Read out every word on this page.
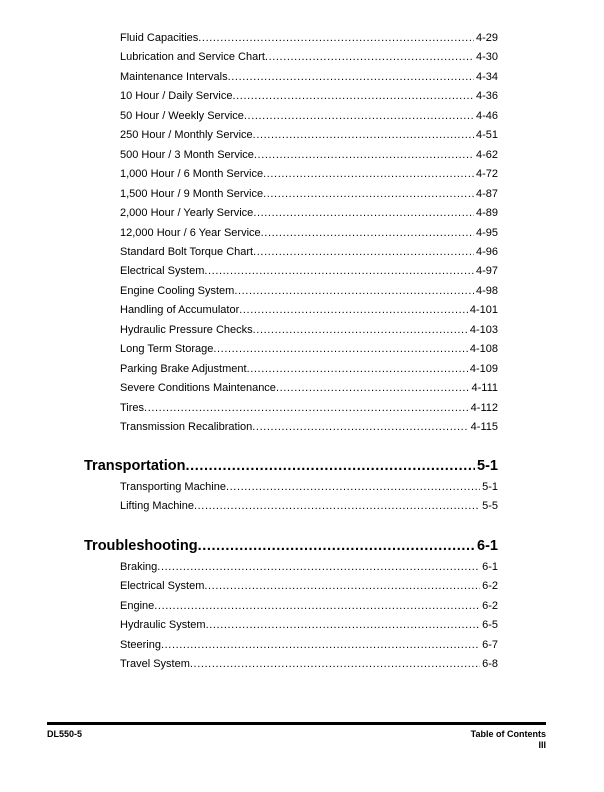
Fluid Capacities .....	4-29
Lubrication and Service Chart .....	4-30
Maintenance Intervals .....	4-34
10 Hour / Daily Service .....	4-36
50 Hour / Weekly Service .....	4-46
250 Hour / Monthly Service .....	4-51
500 Hour / 3 Month Service .....	4-62
1,000 Hour / 6 Month Service .....	4-72
1,500 Hour / 9 Month Service .....	4-87
2,000 Hour / Yearly Service .....	4-89
12,000 Hour / 6 Year Service .....	4-95
Standard Bolt Torque Chart .....	4-96
Electrical System .....	4-97
Engine Cooling System .....	4-98
Handling of Accumulator .....	4-101
Hydraulic Pressure Checks .....	4-103
Long Term Storage .....	4-108
Parking Brake Adjustment .....	4-109
Severe Conditions Maintenance .....	4-111
Tires .....	4-112
Transmission Recalibration .....	4-115
Transportation .....	5-1
Transporting Machine .....	5-1
Lifting Machine .....	5-5
Troubleshooting .....	6-1
Braking .....	6-1
Electrical System .....	6-2
Engine .....	6-2
Hydraulic System .....	6-5
Steering .....	6-7
Travel System .....	6-8
DL550-5	Table of Contents
III
